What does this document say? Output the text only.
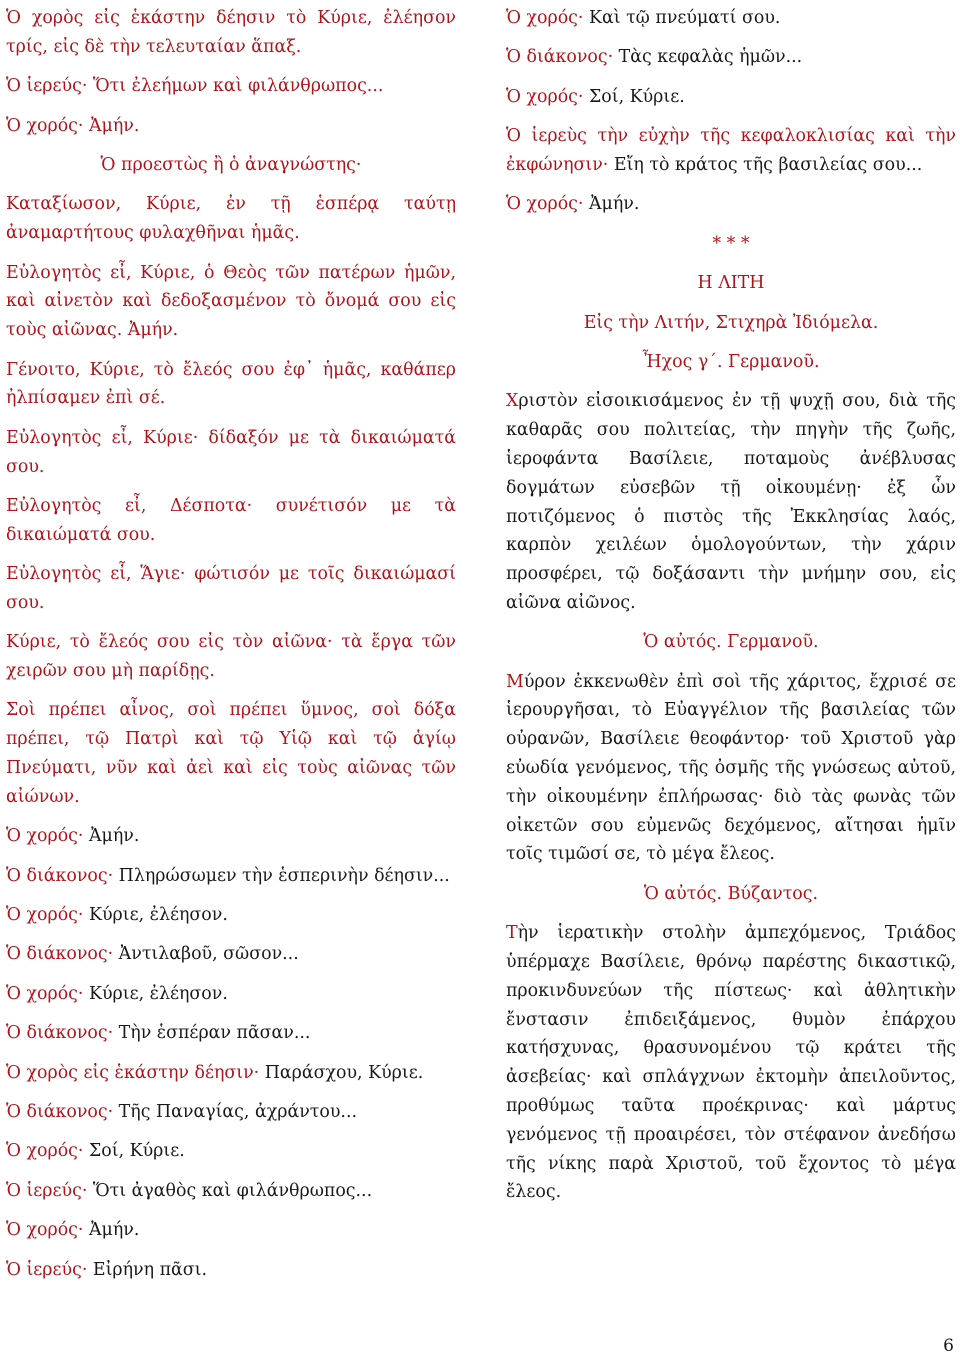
Ὁ χορὸς εἰς ἑκάστην δέησιν τὸ Κύριε, ἐλέησον τρίς, εἰς δὲ τὴν τελευταίαν ἅπαξ.

Ὁ ἱερεύς· Ὅτι ἐλεήμων καὶ φιλάνθρωπος...

Ὁ χορός· Ἀμήν.

Ὁ προεστὼς ἢ ὁ ἀναγνώστης·

Καταξίωσον, Κύριε, ἐν τῇ ἑσπέρᾳ ταύτῃ ἀναμαρτήτους φυλαχθῆναι ἡμᾶς.

Εὐλογητὸς εἶ, Κύριε, ὁ Θεὸς τῶν πατέρων ἡμῶν, καὶ αἰνετὸν καὶ δεδοξασμένον τὸ ὄνομά σου εἰς τοὺς αἰῶνας. Ἀμήν.

Γένοιτο, Κύριε, τὸ ἔλεός σου ἐφ᾽ ἡμᾶς, καθάπερ ἠλπίσαμεν ἐπὶ σέ.

Εὐλογητὸς εἶ, Κύριε· δίδαξόν με τὰ δικαιώματά σου.

Εὐλογητὸς εἶ, Δέσποτα· συνέτισόν με τὰ δικαιώματά σου.

Εὐλογητὸς εἶ, Ἅγιε· φώτισόν με τοῖς δικαιώμασί σου.

Κύριε, τὸ ἔλεός σου εἰς τὸν αἰῶνα· τὰ ἔργα τῶν χειρῶν σου μὴ παρίδῃς.

Σοὶ πρέπει αἶνος, σοὶ πρέπει ὕμνος, σοὶ δόξα πρέπει, τῷ Πατρὶ καὶ τῷ Υἱῷ καὶ τῷ ἁγίῳ Πνεύματι, νῦν καὶ ἀεὶ καὶ εἰς τοὺς αἰῶνας τῶν αἰώνων.

Ὁ χορός· Ἀμήν.

Ὁ διάκονος· Πληρώσωμεν τὴν ἑσπερινὴν δέησιν...

Ὁ χορός· Κύριε, ἐλέησον.

Ὁ διάκονος· Ἀντιλαβοῦ, σῶσον...

Ὁ χορός· Κύριε, ἐλέησον.

Ὁ διάκονος· Τὴν ἑσπέραν πᾶσαν...

Ὁ χορὸς εἰς ἑκάστην δέησιν· Παράσχου, Κύριε.

Ὁ διάκονος· Τῆς Παναγίας, ἀχράντου...

Ὁ χορός· Σοί, Κύριε.

Ὁ ἱερεύς· Ὅτι ἀγαθὸς καὶ φιλάνθρωπος...

Ὁ χορός· Ἀμήν.

Ὁ ἱερεύς· Εἰρήνη πᾶσι.

Ὁ χορός· Καὶ τῷ πνεύματί σου.

Ὁ διάκονος· Τὰς κεφαλὰς ἡμῶν...

Ὁ χορός· Σοί, Κύριε.

Ὁ ἱερεὺς τὴν εὐχὴν τῆς κεφαλοκλισίας καὶ τὴν ἐκφώνησιν· Εἴη τὸ κράτος τῆς βασιλείας σου...

Ὁ χορός· Ἀμήν.

* * *

Η ΛΙΤΗ

Εἰς τὴν Λιτήν, Στιχηρὰ Ἰδιόμελα.

Ἦχος γ΄. Γερμανοῦ.

Χριστὸν εἰσοικισάμενος ἐν τῇ ψυχῇ σου, διὰ τῆς καθαρᾶς σου πολιτείας, τὴν πηγὴν τῆς ζωῆς, ἱεροφάντα Βασίλειε, ποταμοὺς ἀνέβλυσας δογμάτων εὐσεβῶν τῇ οἰκουμένῃ· ἐξ ὧν ποτιζόμενος ὁ πιστὸς τῆς Ἐκκλησίας λαός, καρπὸν χειλέων ὁμολογούντων, τὴν χάριν προσφέρει, τῷ δοξάσαντι τὴν μνήμην σου, εἰς αἰῶνα αἰῶνος.

Ὁ αὐτός. Γερμανοῦ.

Μύρον ἐκκενωθὲν ἐπὶ σοὶ τῆς χάριτος, ἔχρισέ σε ἱερουργῆσαι, τὸ Εὐαγγέλιον τῆς βασιλείας τῶν οὐρανῶν, Βασίλειε θεοφάντορ· τοῦ Χριστοῦ γὰρ εὐωδία γενόμενος, τῆς ὀσμῆς τῆς γνώσεως αὐτοῦ, τὴν οἰκουμένην ἐπλήρωσας· διὸ τὰς φωνὰς τῶν οἰκετῶν σου εὐμενῶς δεχόμενος, αἴτησαι ἡμῖν τοῖς τιμῶσί σε, τὸ μέγα ἔλεος.

Ὁ αὐτός. Βύζαντος.

Τὴν ἱερατικὴν στολὴν ἀμπεχόμενος, Τριάδος ὑπέρμαχε Βασίλειε, θρόνῳ παρέστης δικαστικῷ, προκινδυνεύων τῆς πίστεως· καὶ ἀθλητικὴν ἔνστασιν ἐπιδειξάμενος, θυμὸν ἐπάρχου κατήσχυνας, θρασυνομένου τῷ κράτει τῆς ἀσεβείας· καὶ σπλάγχνων ἐκτομὴν ἀπειλοῦντος, προθύμως ταῦτα προέκρινας· καὶ μάρτυς γενόμενος τῇ προαιρέσει, τὸν στέφανον ἀνεδήσω τῆς νίκης παρὰ Χριστοῦ, τοῦ ἔχοντος τὸ μέγα ἔλεος.

6
